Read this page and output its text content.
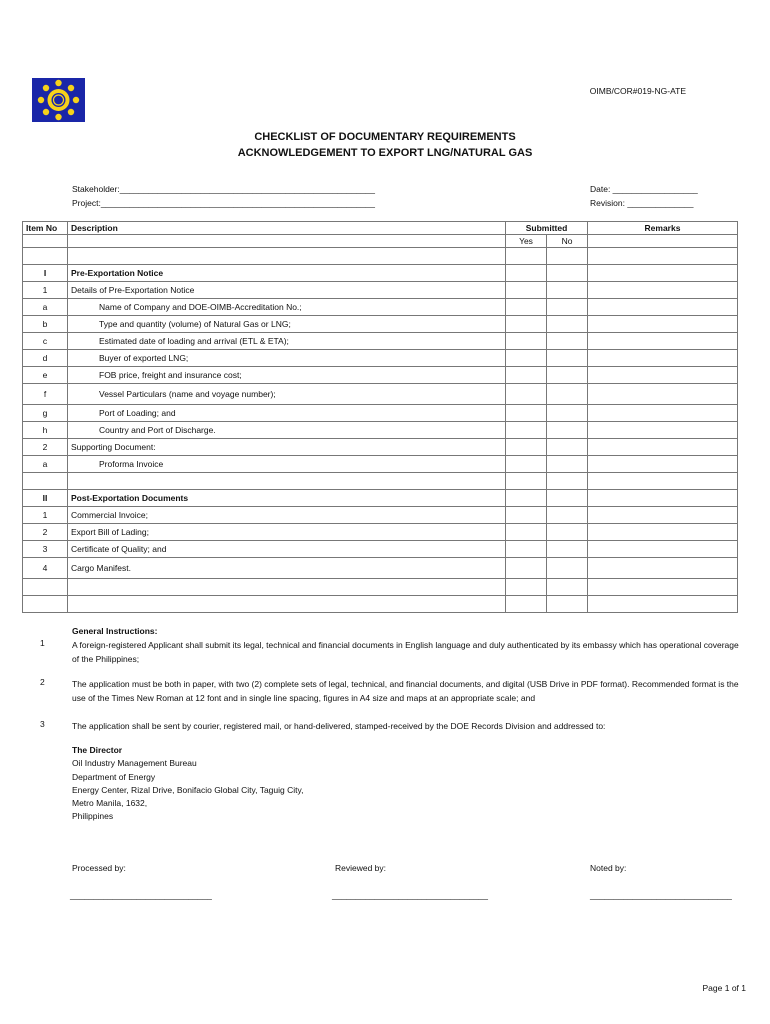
OIMB/COR#019-NG-ATE
CHECKLIST OF DOCUMENTARY REQUIREMENTS
ACKNOWLEDGEMENT TO EXPORT LNG/NATURAL GAS
Stakeholder:______________________________________________________
Project:__________________________________________________________
Date: __________________
Revision: ______________
Item No	Description	Submitted		Remarks
		Yes	No	

I	Pre-Exportation Notice			
1	Details of Pre-Exportation Notice			
a	Name of Company and DOE-OIMB-Accreditation No.;			
b	Type and quantity (volume) of Natural Gas or LNG;			
c	Estimated date of loading and arrival (ETL & ETA);			
d	Buyer of exported LNG;			
e	FOB price, freight and insurance cost;			
f	Vessel Particulars (name and voyage number);			
g	Port of Loading; and			
h	Country and Port of Discharge.			
2	Supporting Document:			
a	Proforma Invoice			

II	Post-Exportation Documents			
1	Commercial Invoice;			
2	Export Bill of Lading;			
3	Certificate of Quality; and			
4	Cargo Manifest.			

General Instructions:
1	A foreign-registered Applicant shall submit its legal, technical and financial documents in English language and duly authenticated by its embassy which has operational coverage of the Philippines;
2	The application must be both in paper, with two (2) complete sets of legal, technical, and financial documents, and digital (USB Drive in PDF format). Recommended format is the use of the Times New Roman at 12 font and in single line spacing, figures in A4 size and maps at an appropriate scale; and
3	The application shall be sent by courier, registered mail, or hand-delivered, stamped-received by the DOE Records Division and addressed to:
The Director
Oil Industry Management Bureau
Department of Energy
Energy Center, Rizal Drive, Bonifacio Global City, Taguig City,
Metro Manila, 1632,
Philippines
Processed by:	Reviewed by:	Noted by:
______________________________	_________________________________	______________________________
Page 1 of 1
